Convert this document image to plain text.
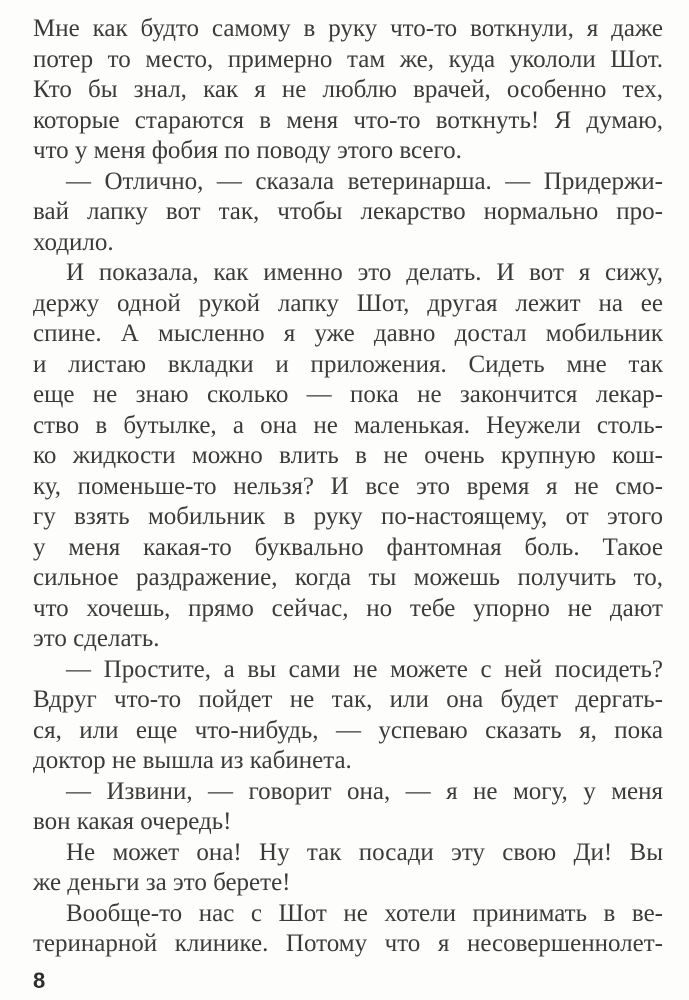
Мне как будто самому в руку что-то воткнули, я даже
потер то место, примерно там же, куда укололи Шот.
Кто бы знал, как я не люблю врачей, особенно тех,
которые стараются в меня что-то воткнуть! Я думаю,
что у меня фобия по поводу этого всего.
— Отлично, — сказала ветеринарша. — Придержи-
вай лапку вот так, чтобы лекарство нормально про-
ходило.
И показала, как именно это делать. И вот я сижу,
держу одной рукой лапку Шот, другая лежит на ее
спине. А мысленно я уже давно достал мобильник
и листаю вкладки и приложения. Сидеть мне так
еще не знаю сколько — пока не закончится лекар-
ство в бутылке, а она не маленькая. Неужели столь-
ко жидкости можно влить в не очень крупную кош-
ку, поменьше-то нельзя? И все это время я не смо-
гу взять мобильник в руку по-настоящему, от этого
у меня какая-то буквально фантомная боль. Такое
сильное раздражение, когда ты можешь получить то,
что хочешь, прямо сейчас, но тебе упорно не дают
это сделать.
— Простите, а вы сами не можете с ней посидеть?
Вдруг что-то пойдет не так, или она будет дергать-
ся, или еще что-нибудь, — успеваю сказать я, пока
доктор не вышла из кабинета.
— Извини, — говорит она, — я не могу, у меня
вон какая очередь!
Не может она! Ну так посади эту свою Ди! Вы
же деньги за это берете!
Вообще-то нас с Шот не хотели принимать в ве-
теринарной клинике. Потому что я несовершеннолет-
8
